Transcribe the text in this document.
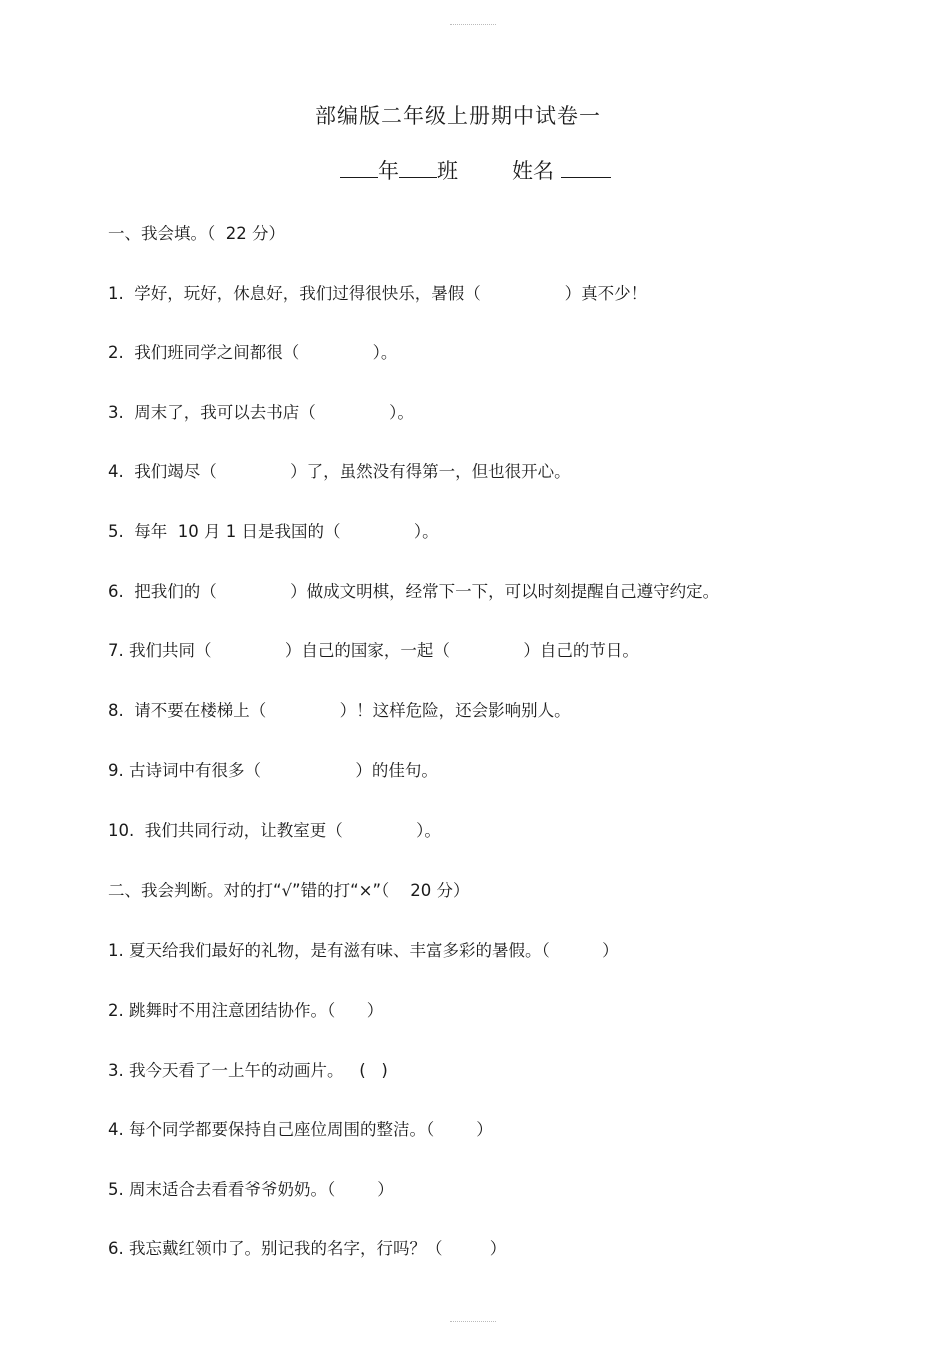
部编版二年级上册期中试卷一
年 班	姓名
一、我会填。（  22 分）
1.  学好，玩好，休息好，我们过得很快乐，暑假（                ）真不少！
2.  我们班同学之间都很（              ）。
3.  周末了，我可以去书店（              ）。
4.  我们竭尽（              ）了，虽然没有得第一，但也很开心。
5.  每年  10 月 1 日是我国的（              ）。
6.  把我们的（              ）做成文明棋，经常下一下，可以时刻提醒自己遵守约定。
7. 我们共同（              ）自己的国家，一起（              ）自己的节日。
8.  请不要在楼梯上（              ）！这样危险，还会影响别人。
9. 古诗词中有很多（                  ）的佳句。
10.  我们共同行动，让教室更（              ）。
二、我会判断。对的打“√”错的打“×”（    20 分）
1. 夏天给我们最好的礼物，是有滋有味、丰富多彩的暑假。（          ）
2. 跳舞时不用注意团结协作。（      ）
3. 我今天看了一上午的动画片。   (   )
4. 每个同学都要保持自己座位周围的整洁。（        ）
5. 周末适合去看看爷爷奶奶。（        ）
6. 我忘戴红领巾了。别记我的名字，行吗？（         ）
